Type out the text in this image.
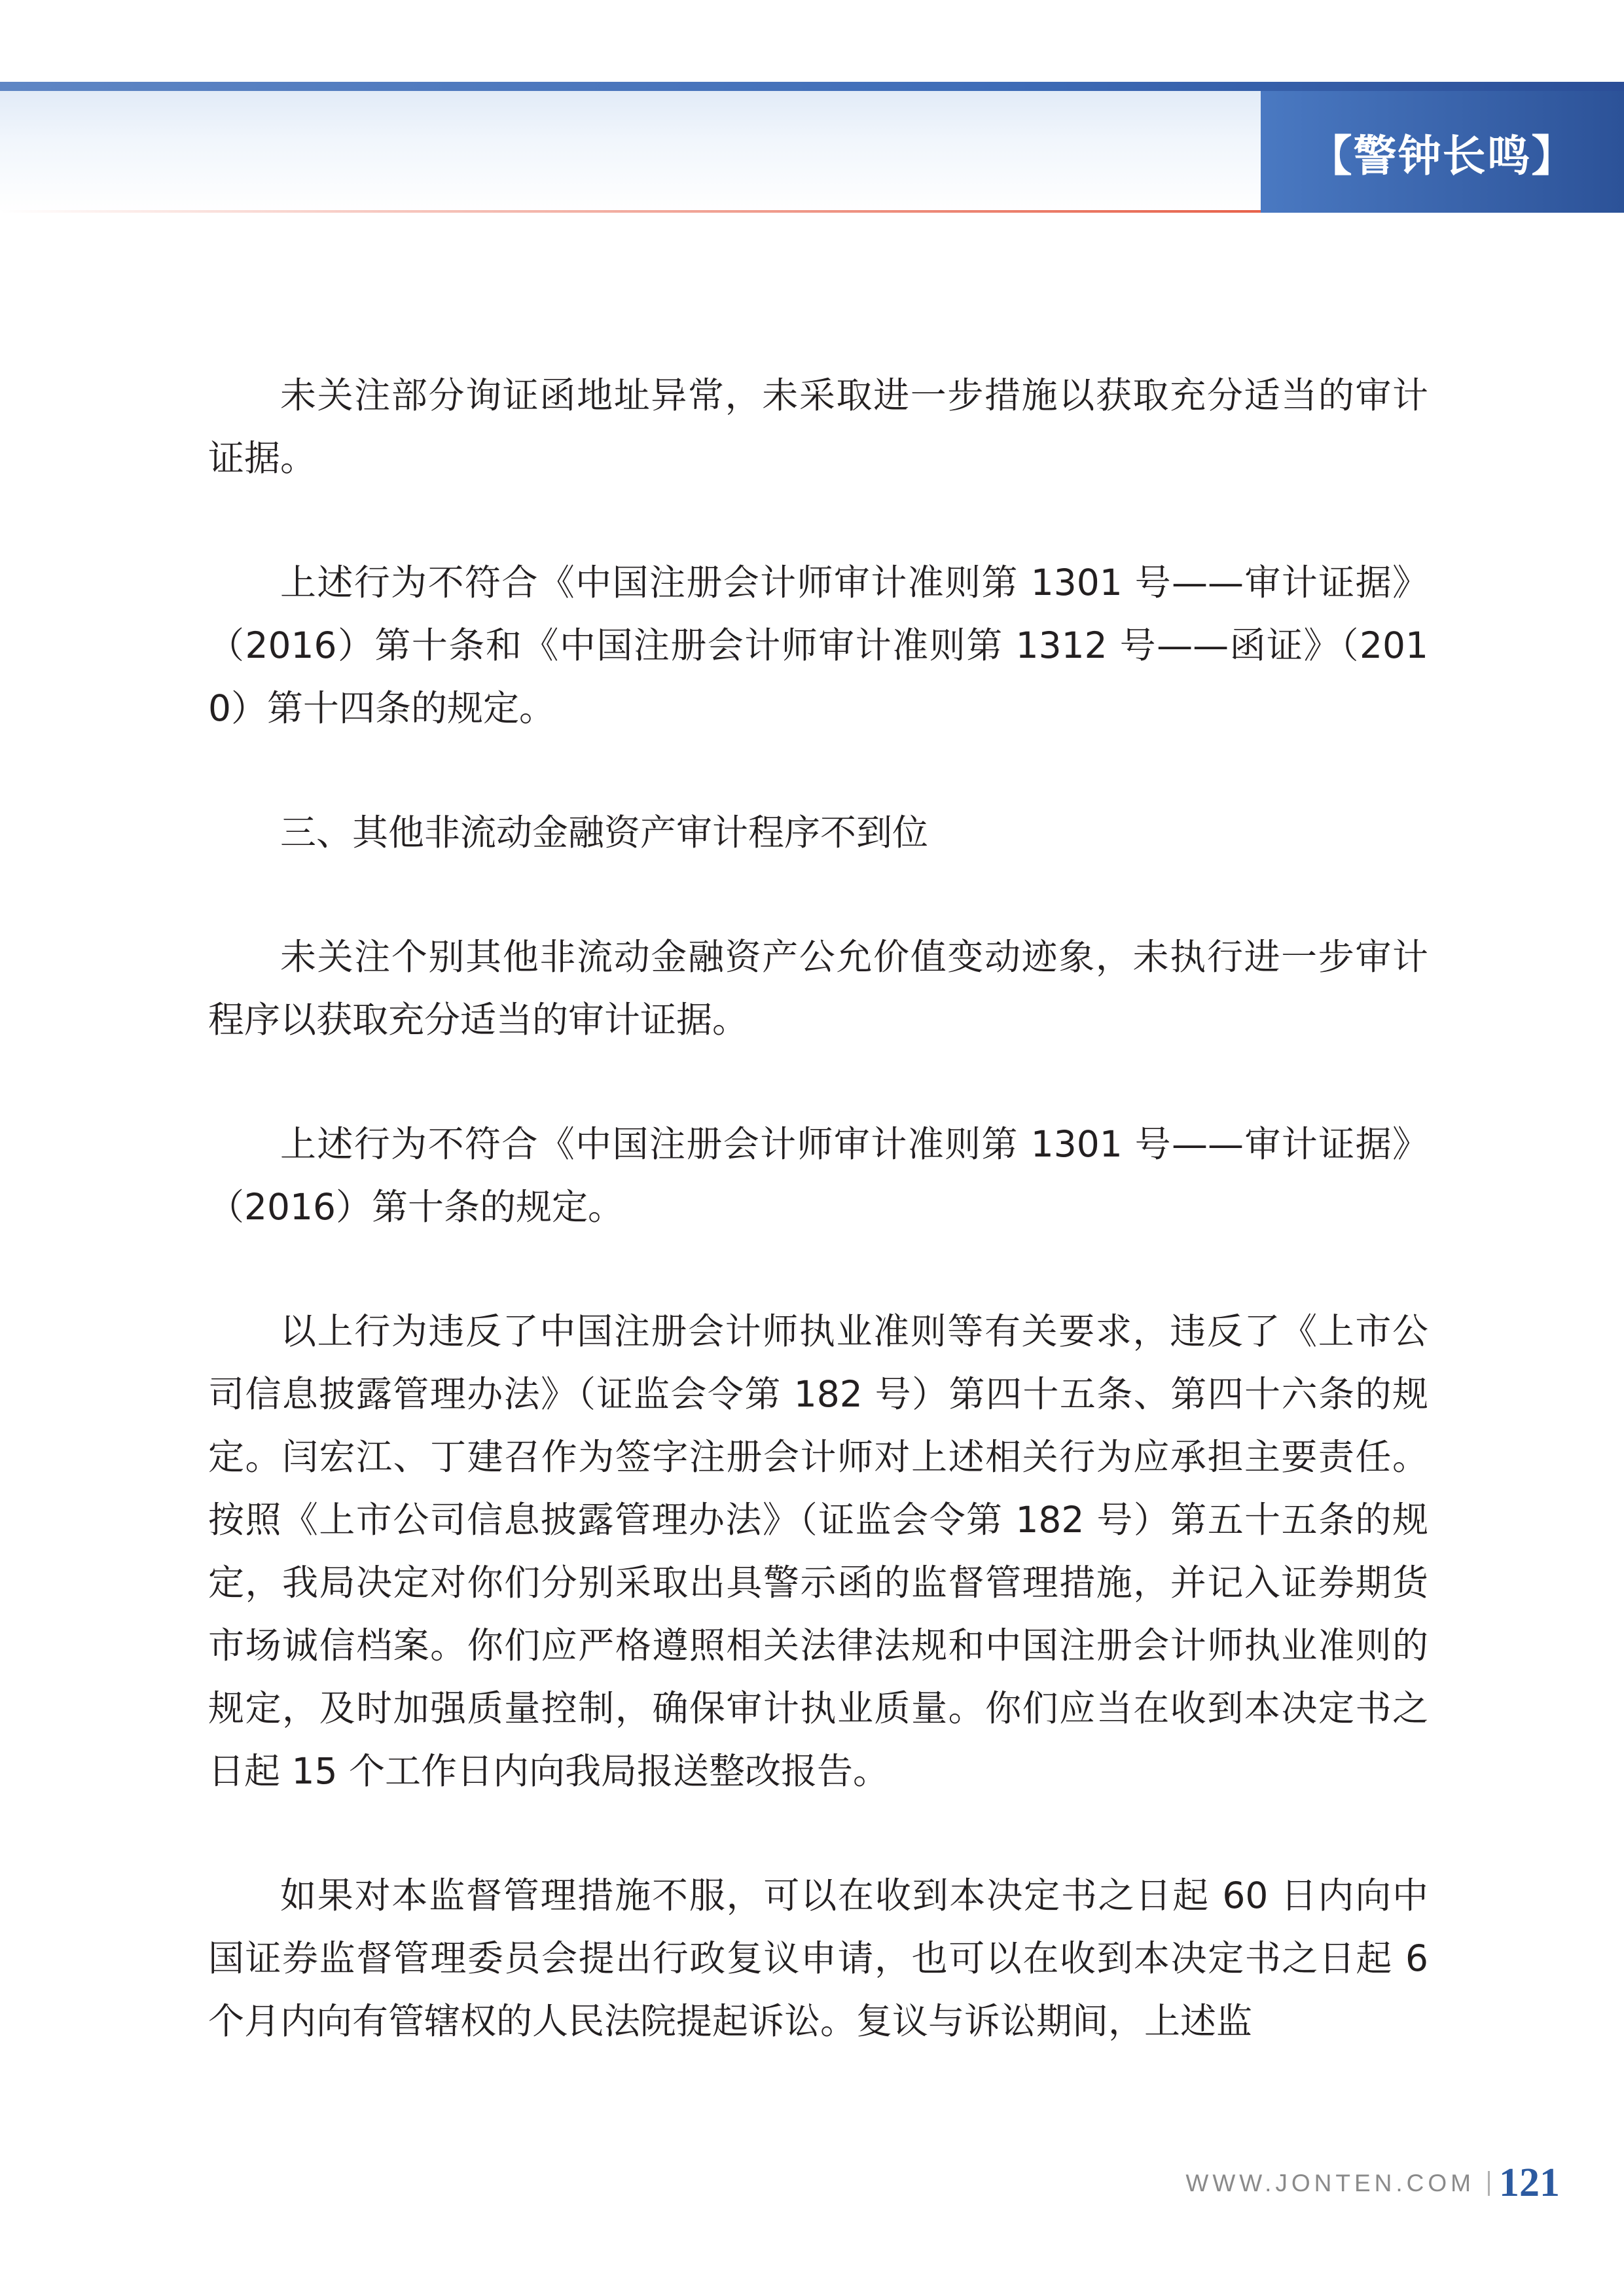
【警钟长鸣】

未关注部分询证函地址异常，未采取进一步措施以获取充分适当的审计证据。

上述行为不符合《中国注册会计师审计准则第 1301 号——审计证据》（2016）第十条和《中国注册会计师审计准则第 1312 号——函证》（2010）第十四条的规定。

三、其他非流动金融资产审计程序不到位

未关注个别其他非流动金融资产公允价值变动迹象，未执行进一步审计程序以获取充分适当的审计证据。

上述行为不符合《中国注册会计师审计准则第 1301 号——审计证据》（2016）第十条的规定。

以上行为违反了中国注册会计师执业准则等有关要求，违反了《上市公司信息披露管理办法》（证监会令第 182 号）第四十五条、第四十六条的规定。闫宏江、丁建召作为签字注册会计师对上述相关行为应承担主要责任。按照《上市公司信息披露管理办法》（证监会令第 182 号）第五十五条的规定，我局决定对你们分别采取出具警示函的监督管理措施，并记入证券期货市场诚信档案。你们应严格遵照相关法律法规和中国注册会计师执业准则的规定，及时加强质量控制，确保审计执业质量。你们应当在收到本决定书之日起 15 个工作日内向我局报送整改报告。

如果对本监督管理措施不服，可以在收到本决定书之日起 60 日内向中国证券监督管理委员会提出行政复议申请，也可以在收到本决定书之日起 6 个月内向有管辖权的人民法院提起诉讼。复议与诉讼期间，上述监

WWW.JONTEN.COM 121
